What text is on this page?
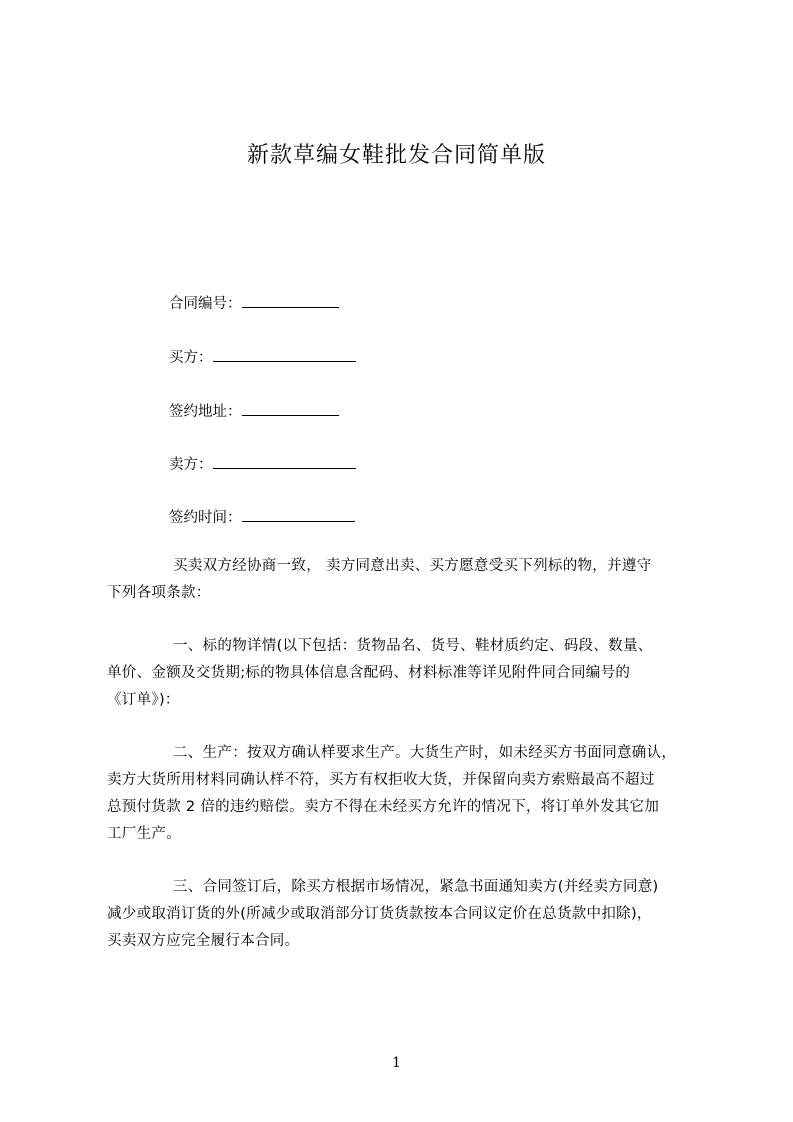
新款草编女鞋批发合同简单版
合同编号：
买方：
签约地址：
卖方：
签约时间：

买卖双方经协商一致， 卖方同意出卖、买方愿意受买下列标的物，并遵守

下列各项条款：

一、标的物详情(以下包括：货物品名、货号、鞋材质约定、码段、数量、

单价、金额及交货期;标的物具体信息含配码、材料标准等详见附件同合同编号的

《订单》)：

二、生产：按双方确认样要求生产。大货生产时，如未经买方书面同意确认，

卖方大货所用材料同确认样不符，买方有权拒收大货，并保留向卖方索赔最高不超过

总预付货款 2 倍的违约赔偿。卖方不得在未经买方允许的情况下，将订单外发其它加

工厂生产。

三、合同签订后，除买方根据市场情况，紧急书面通知卖方(并经卖方同意)

减少或取消订货的外(所减少或取消部分订货货款按本合同议定价在总货款中扣除)，

买卖双方应完全履行本合同。

1
